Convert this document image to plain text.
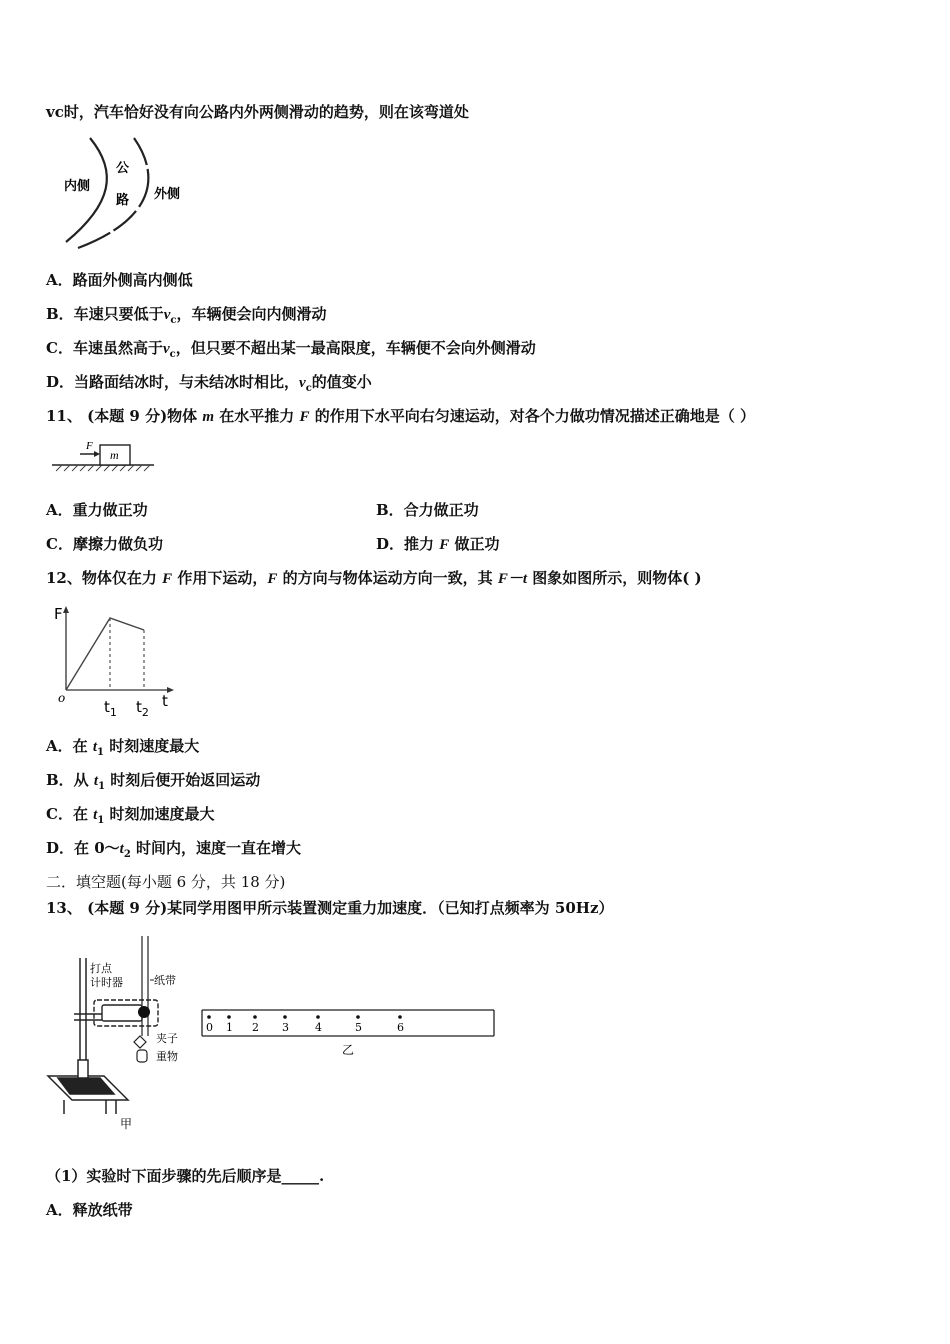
vc时，汽车恰好没有向公路内外两侧滑动的趋势，则在该弯道处
内侧
公
路 外侧
A．路面外侧高内侧低
B．车速只要低于$v_c$，车辆便会向内侧滑动
C．车速虽然高于$v_c$，但只要不超出某一最高限度，车辆便不会向外侧滑动
D．当路面结冰时，与未结冰时相比，$v_c$的值变小
11、 (本题 9 分)物体 m 在水平推力 F 的作用下水平向右匀速运动，对各个力做功情况描述正确地是（ ）
m
F
A．重力做正功	B．合力做正功
C．摩擦力做负功	D．推力 F 做正功
12、物体仅在力 F 作用下运动，F 的方向与物体运动方向一致，其 F－t 图象如图所示，则物体( )
F
o	t
$t_1$ $t_2$
A．在 $t_1$ 时刻速度最大
B．从 $t_1$ 时刻后便开始返回运动
C．在 $t_1$ 时刻加速度最大
D．在 $0\sim t_2$ 时间内，速度一直在增大
二．填空题(每小题 6 分，共 18 分)
13、 (本题 9 分)某同学用图甲所示装置测定重力加速度．（已知打点频率为 50Hz）
打点
计时器	纸带
夹子
重物
甲
0 1 2 3 4	5	6
乙
（1）实验时下面步骤的先后顺序是_____.
A．释放纸带
